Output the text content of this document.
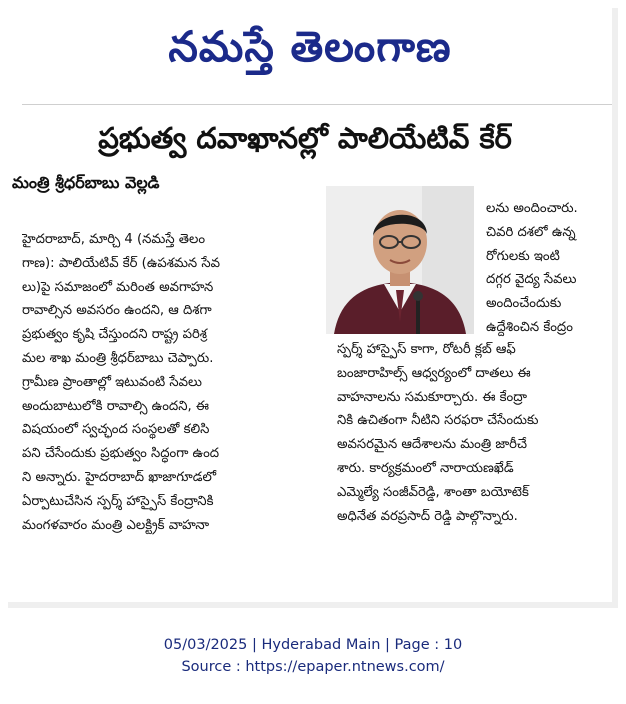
నమస్తే తెలంగాణ
ప్రభుత్వ దవాఖానల్లో పాలియేటివ్ కేర్
మంత్రి శ్రీధర్‌బాబు వెల్లడి
హైదరాబాద్, మార్చి 4 (నమస్తే తెలం
గాణ): పాలియేటివ్ కేర్ (ఉపశమన సేవ
లు)పై సమాజంలో మరింత అవగాహన
రావాల్సిన అవసరం ఉందని, ఆ దిశగా
ప్రభుత్వం కృషి చేస్తుందని రాష్ట్ర పరిశ్ర
మల శాఖ మంత్రి శ్రీధర్‌బాబు చెప్పారు.
గ్రామీణ ప్రాంతాల్లో ఇటువంటి సేవలు
అందుబాటులోకి రావాల్సి ఉందని, ఈ
విషయంలో స్వచ్ఛంద సంస్థలతో కలిసి
పని చేసేందుకు ప్రభుత్వం సిద్ధంగా ఉంద
ని అన్నారు. హైదరాబాద్ ఖాజాగూడలో
ఏర్పాటుచేసిన స్పర్శ్ హాస్పైస్ కేంద్రానికి
మంగళవారం మంత్రి ఎలక్ట్రిక్ వాహనా
లను అందించారు.
చివరి దశలో ఉన్న
రోగులకు ఇంటి
దగ్గర వైద్య సేవలు
అందించేందుకు
ఉద్దేశించిన కేంద్రం
స్పర్శ్ హాస్పైస్ కాగా, రోటరీ క్లబ్ ఆఫ్
బంజారాహిల్స్ ఆధ్వర్యంలో దాతలు ఈ
వాహనాలను సమకూర్చారు. ఈ కేంద్రా
నికి ఉచితంగా నీటిని సరఫరా చేసేందుకు
అవసరమైన ఆదేశాలను మంత్రి జారీచే
శారు. కార్యక్రమంలో నారాయణఖేడ్
ఎమ్మెల్యే సంజీవ్‌రెడ్డి, శాంతా బయోటెక్
అధినేత వరప్రసాద్ రెడ్డి పాల్గొన్నారు.
05/03/2025 | Hyderabad Main | Page : 10
Source : https://epaper.ntnews.com/
